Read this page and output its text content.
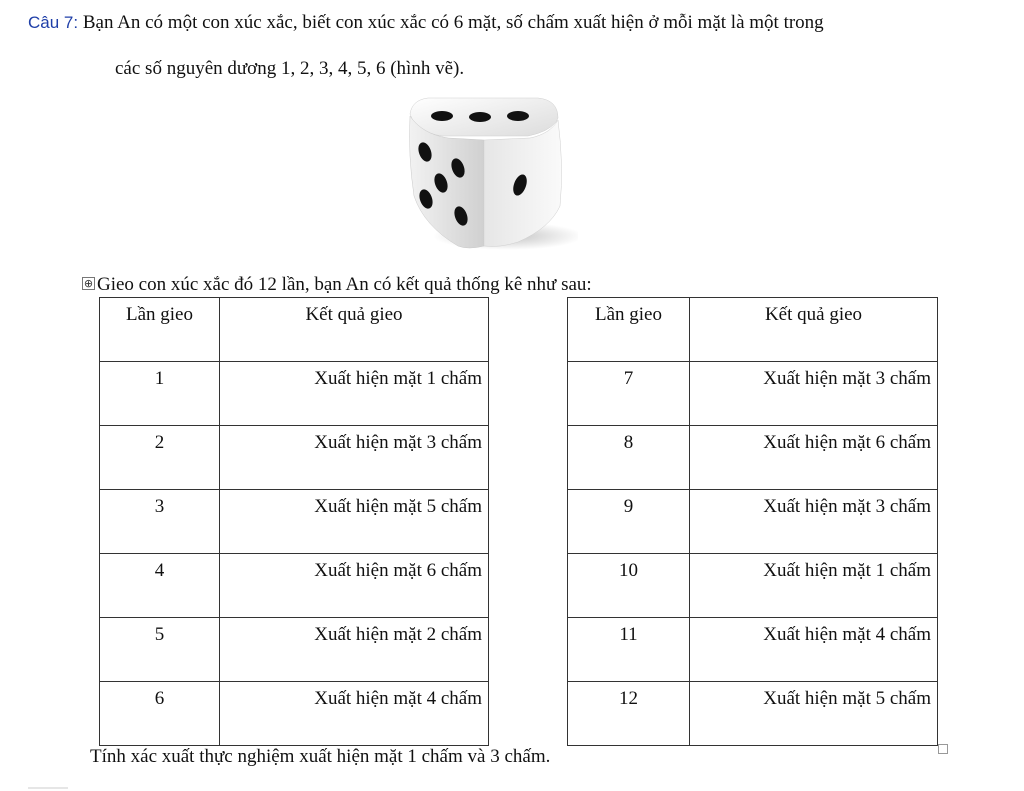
Câu 7: Bạn An có một con xúc xắc, biết con xúc xắc có 6 mặt, số chấm xuất hiện ở mỗi mặt là một trong
các số nguyên dương 1, 2, 3, 4, 5, 6 (hình vẽ).
⊕ Gieo con xúc xắc đó 12 lần, bạn An có kết quả thống kê như sau:
Lần gieo	Kết quả gieo
1	Xuất hiện mặt 1 chấm
2	Xuất hiện mặt 3 chấm
3	Xuất hiện mặt 5 chấm
4	Xuất hiện mặt 6 chấm
5	Xuất hiện mặt 2 chấm
6	Xuất hiện mặt 4 chấm
Lần gieo	Kết quả gieo
7	Xuất hiện mặt 3 chấm
8	Xuất hiện mặt 6 chấm
9	Xuất hiện mặt 3 chấm
10	Xuất hiện mặt 1 chấm
11	Xuất hiện mặt 4 chấm
12	Xuất hiện mặt 5 chấm
Tính xác xuất thực nghiệm xuất hiện mặt 1 chấm và 3 chấm.
